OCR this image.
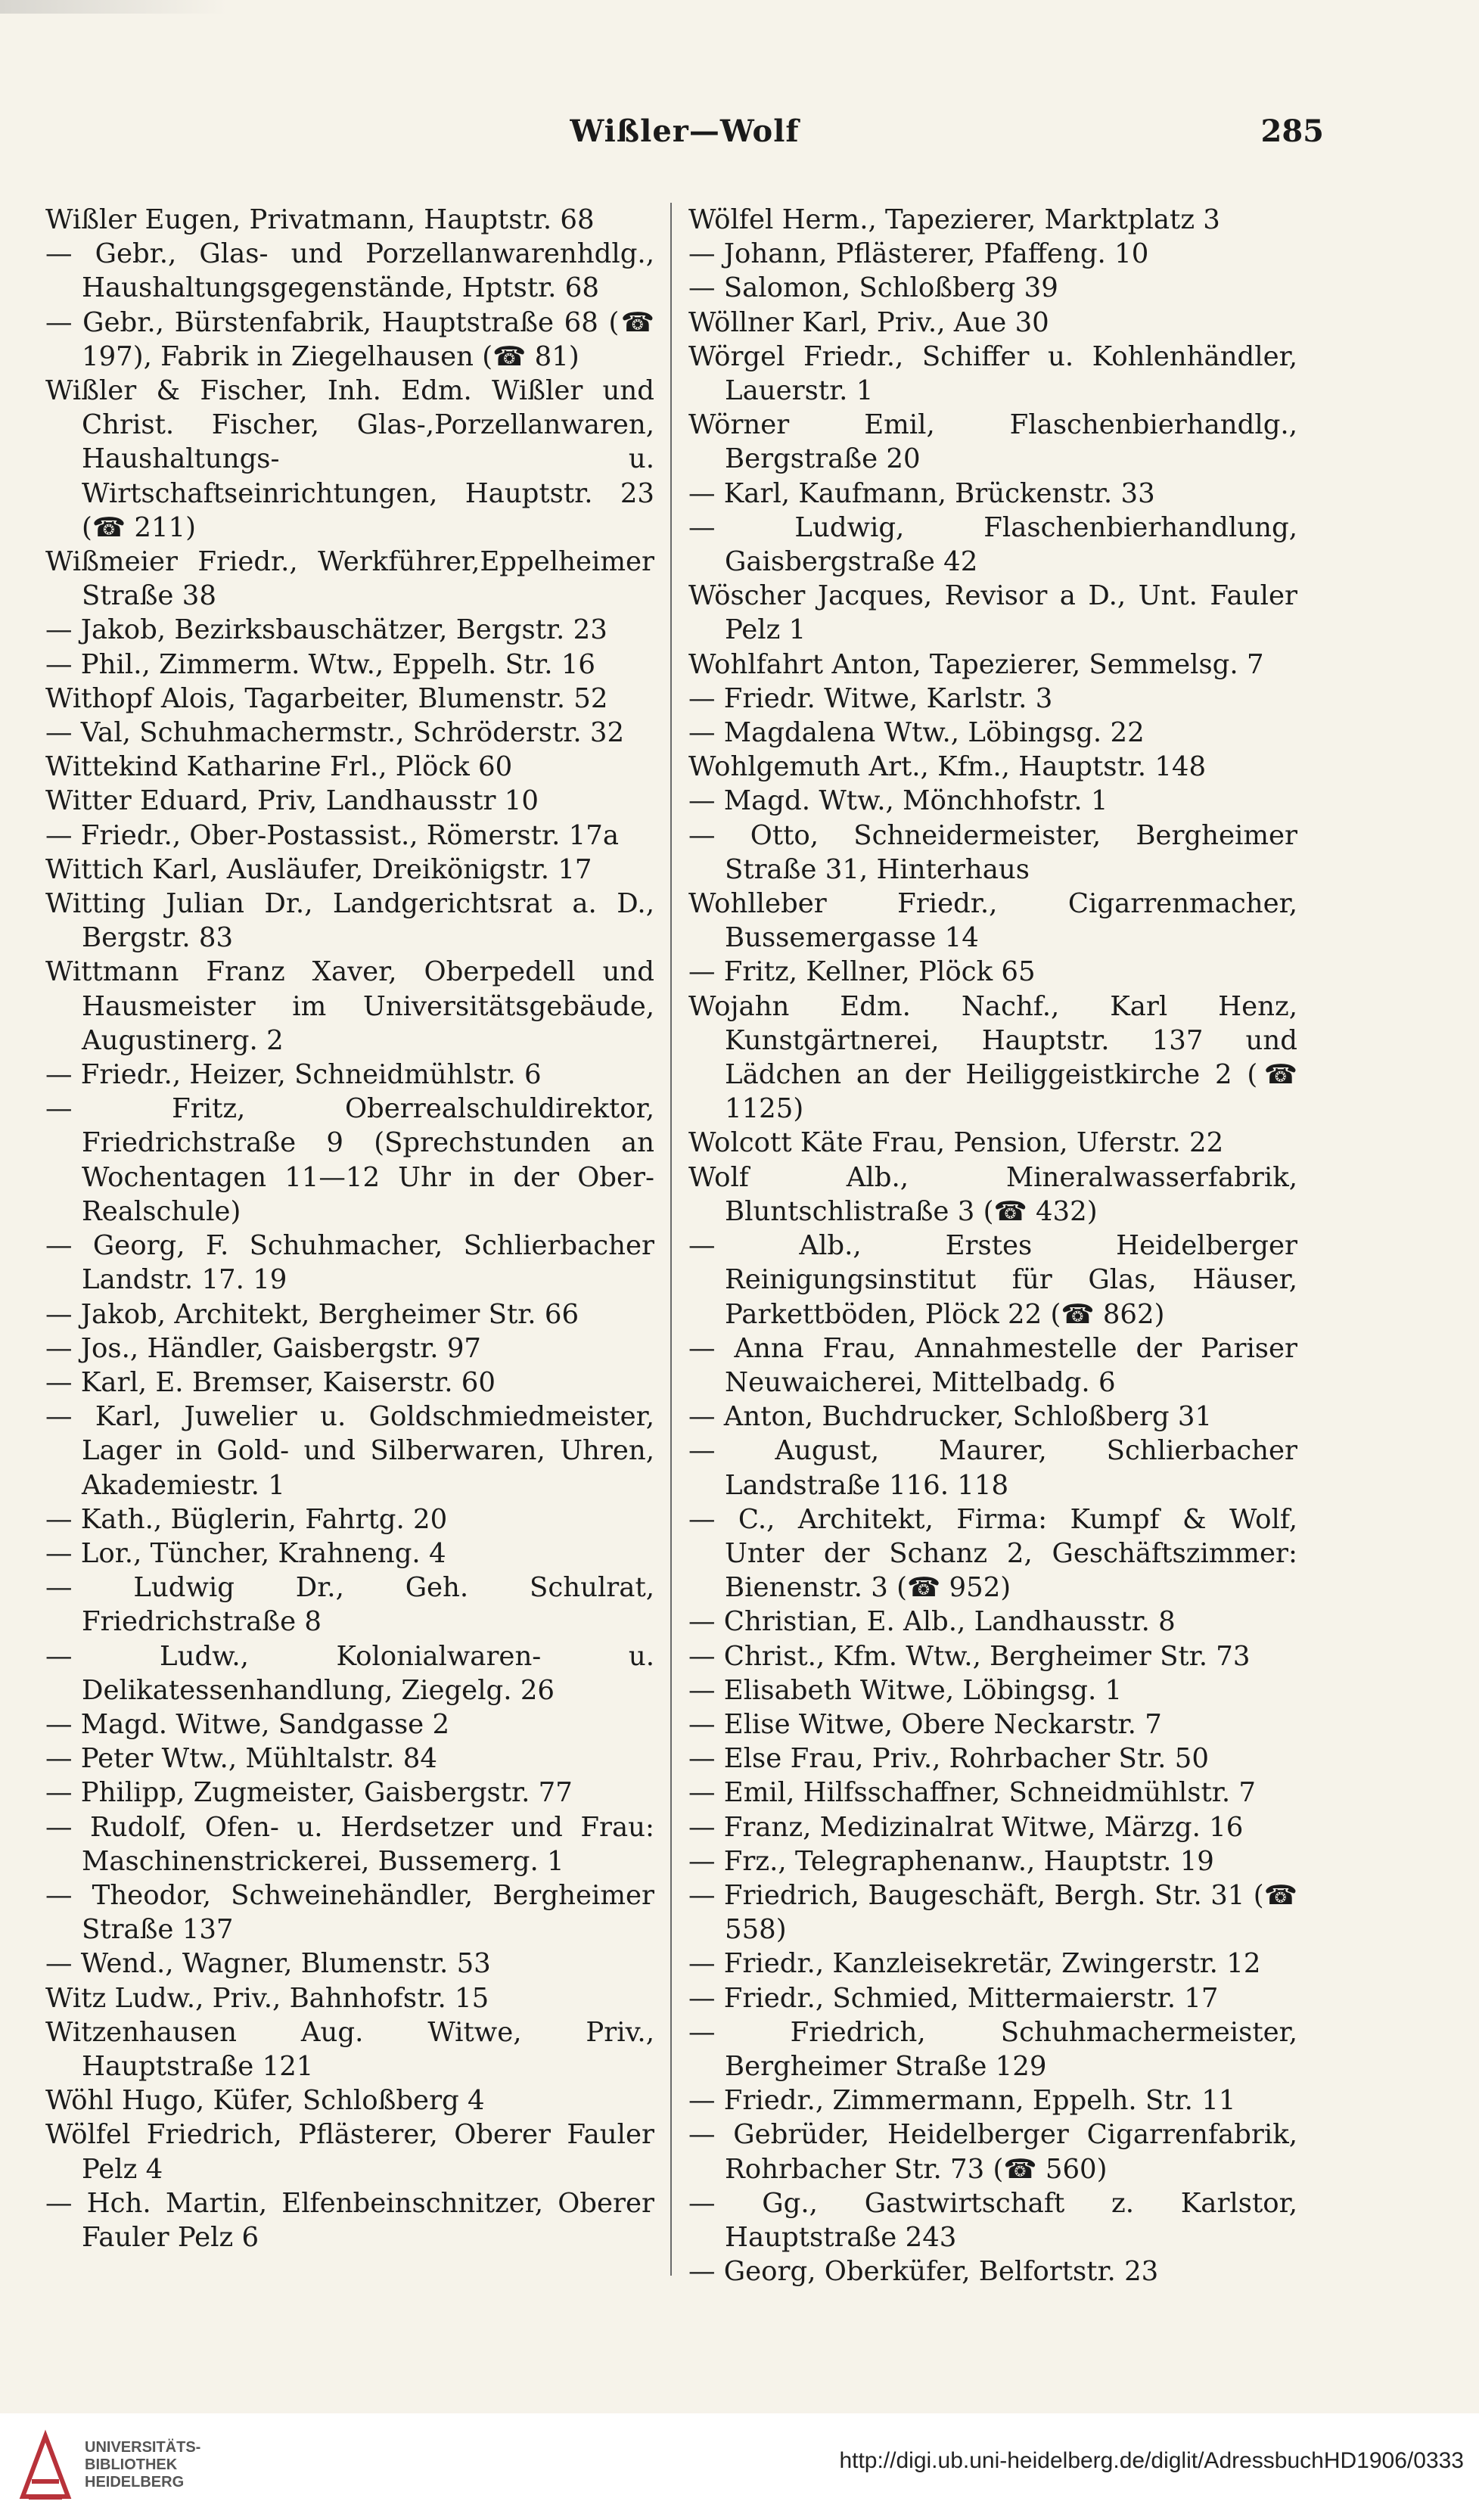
Wißler—Wolf	285
Wißler Eugen, Privatmann, Hauptstr. 68
— Gebr., Glas- und Porzellanwarenhdlg., Haushaltungsgegenstände, Hptstr. 68
— Gebr., Bürstenfabrik, Hauptstraße 68 (☎ 197), Fabrik in Ziegelhausen (☎ 81)
Wißler & Fischer, Inh. Edm. Wißler und Christ. Fischer, Glas-,Porzellanwaren, Haushaltungs- u. Wirtschaftseinrichtungen, Hauptstr. 23 (☎ 211)
Wißmeier Friedr., Werkführer,Eppelheimer Straße 38
— Jakob, Bezirksbauschätzer, Bergstr. 23
— Phil., Zimmerm. Wtw., Eppelh. Str. 16
Withopf Alois, Tagarbeiter, Blumenstr. 52
— Val, Schuhmachermstr., Schröderstr. 32
Wittekind Katharine Frl., Plöck 60
Witter Eduard, Priv, Landhausstr 10
— Friedr., Ober-Postassist., Römerstr. 17a
Wittich Karl, Ausläufer, Dreikönigstr. 17
Witting Julian Dr., Landgerichtsrat a. D., Bergstr. 83
Wittmann Franz Xaver, Oberpedell und Hausmeister im Universitätsgebäude, Augustinerg. 2
— Friedr., Heizer, Schneidmühlstr. 6
— Fritz, Oberrealschuldirektor, Friedrichstraße 9 (Sprechstunden an Wochentagen 11—12 Uhr in der Ober-Realschule)
— Georg, F. Schuhmacher, Schlierbacher Landstr. 17. 19
— Jakob, Architekt, Bergheimer Str. 66
— Jos., Händler, Gaisbergstr. 97
— Karl, E. Bremser, Kaiserstr. 60
— Karl, Juwelier u. Goldschmiedmeister, Lager in Gold- und Silberwaren, Uhren, Akademiestr. 1
— Kath., Büglerin, Fahrtg. 20
— Lor., Tüncher, Krahneng. 4
— Ludwig Dr., Geh. Schulrat, Friedrichstraße 8
— Ludw., Kolonialwaren- u. Delikatessenhandlung, Ziegelg. 26
— Magd. Witwe, Sandgasse 2
— Peter Wtw., Mühltalstr. 84
— Philipp, Zugmeister, Gaisbergstr. 77
— Rudolf, Ofen- u. Herdsetzer und Frau: Maschinenstrickerei, Bussemerg. 1
— Theodor, Schweinehändler, Bergheimer Straße 137
— Wend., Wagner, Blumenstr. 53
Witz Ludw., Priv., Bahnhofstr. 15
Witzenhausen Aug. Witwe, Priv., Hauptstraße 121
Wöhl Hugo, Küfer, Schloßberg 4
Wölfel Friedrich, Pflästerer, Oberer Fauler Pelz 4
— Hch. Martin, Elfenbeinschnitzer, Oberer Fauler Pelz 6
Wölfel Herm., Tapezierer, Marktplatz 3
— Johann, Pflästerer, Pfaffeng. 10
— Salomon, Schloßberg 39
Wöllner Karl, Priv., Aue 30
Wörgel Friedr., Schiffer u. Kohlenhändler, Lauerstr. 1
Wörner Emil, Flaschenbierhandlg., Bergstraße 20
— Karl, Kaufmann, Brückenstr. 33
— Ludwig, Flaschenbierhandlung, Gaisbergstraße 42
Wöscher Jacques, Revisor a D., Unt. Fauler Pelz 1
Wohlfahrt Anton, Tapezierer, Semmelsg. 7
— Friedr. Witwe, Karlstr. 3
— Magdalena Wtw., Löbingsg. 22
Wohlgemuth Art., Kfm., Hauptstr. 148
— Magd. Wtw., Mönchhofstr. 1
— Otto, Schneidermeister, Bergheimer Straße 31, Hinterhaus
Wohlleber Friedr., Cigarrenmacher, Bussemergasse 14
— Fritz, Kellner, Plöck 65
Wojahn Edm. Nachf., Karl Henz, Kunstgärtnerei, Hauptstr. 137 und Lädchen an der Heiliggeistkirche 2 (☎ 1125)
Wolcott Käte Frau, Pension, Uferstr. 22
Wolf Alb., Mineralwasserfabrik, Bluntschlistraße 3 (☎ 432)
— Alb., Erstes Heidelberger Reinigungsinstitut für Glas, Häuser, Parkettböden, Plöck 22 (☎ 862)
— Anna Frau, Annahmestelle der Pariser Neuwaicherei, Mittelbadg. 6
— Anton, Buchdrucker, Schloßberg 31
— August, Maurer, Schlierbacher Landstraße 116. 118
— C., Architekt, Firma: Kumpf & Wolf, Unter der Schanz 2, Geschäftszimmer: Bienenstr. 3 (☎ 952)
— Christian, E. Alb., Landhausstr. 8
— Christ., Kfm. Wtw., Bergheimer Str. 73
— Elisabeth Witwe, Löbingsg. 1
— Elise Witwe, Obere Neckarstr. 7
— Else Frau, Priv., Rohrbacher Str. 50
— Emil, Hilfsschaffner, Schneidmühlstr. 7
— Franz, Medizinalrat Witwe, Märzg. 16
— Frz., Telegraphenanw., Hauptstr. 19
— Friedrich, Baugeschäft, Bergh. Str. 31 (☎ 558)
— Friedr., Kanzleisekretär, Zwingerstr. 12
— Friedr., Schmied, Mittermaierstr. 17
— Friedrich, Schuhmachermeister, Bergheimer Straße 129
— Friedr., Zimmermann, Eppelh. Str. 11
— Gebrüder, Heidelberger Cigarrenfabrik, Rohrbacher Str. 73 (☎ 560)
— Gg., Gastwirtschaft z. Karlstor, Hauptstraße 243
— Georg, Oberküfer, Belfortstr. 23
UNIVERSITÄTS-
BIBLIOTHEK
HEIDELBERG
http://digi.ub.uni-heidelberg.de/diglit/AdressbuchHD1906/0333
